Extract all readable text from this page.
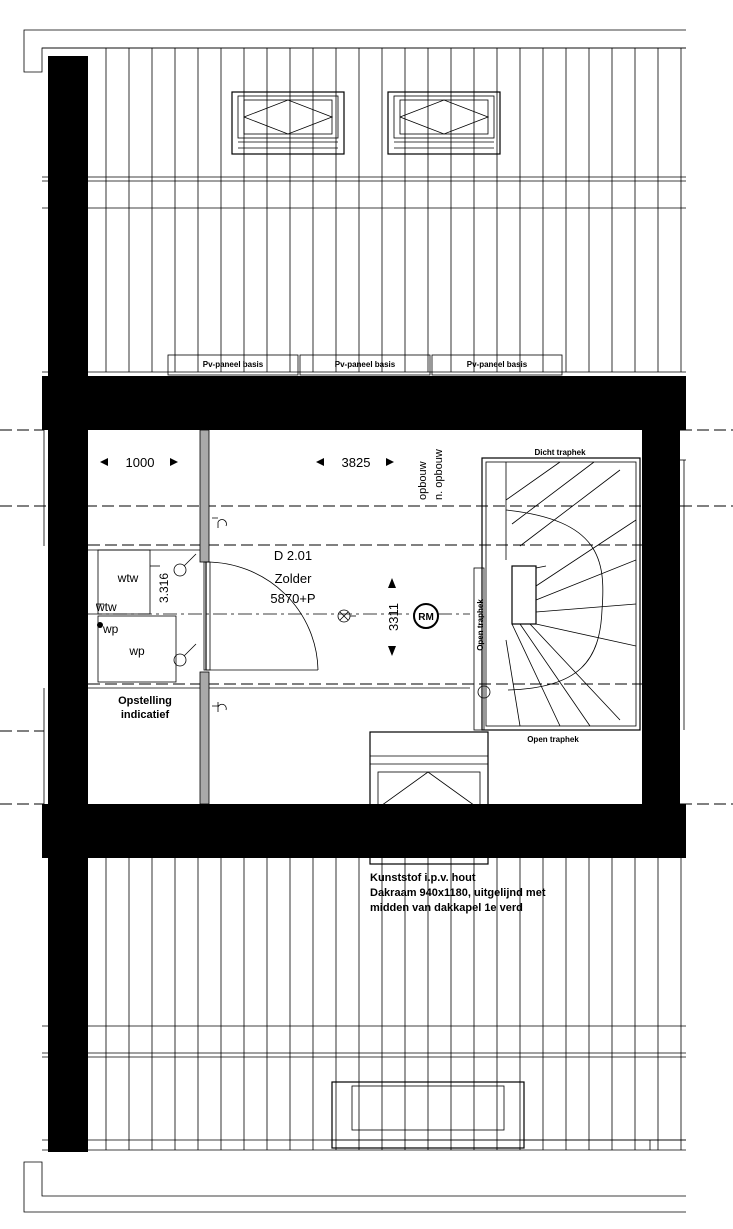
Pv-paneel basis	Pv-paneel basis	Pv-paneel basis
wtw
wp
wtw
wp
3.316
1000	3825
3311
D 2.01
Zolder
5870+P
RM
Opstelling
indicatief
Dicht traphek
Open traphek
Open traphek
opbouw n. opbouw
Kunststof i.p.v. hout
Dakraam 940x1180, uitgelijnd met
midden van dakkapel 1e verd
